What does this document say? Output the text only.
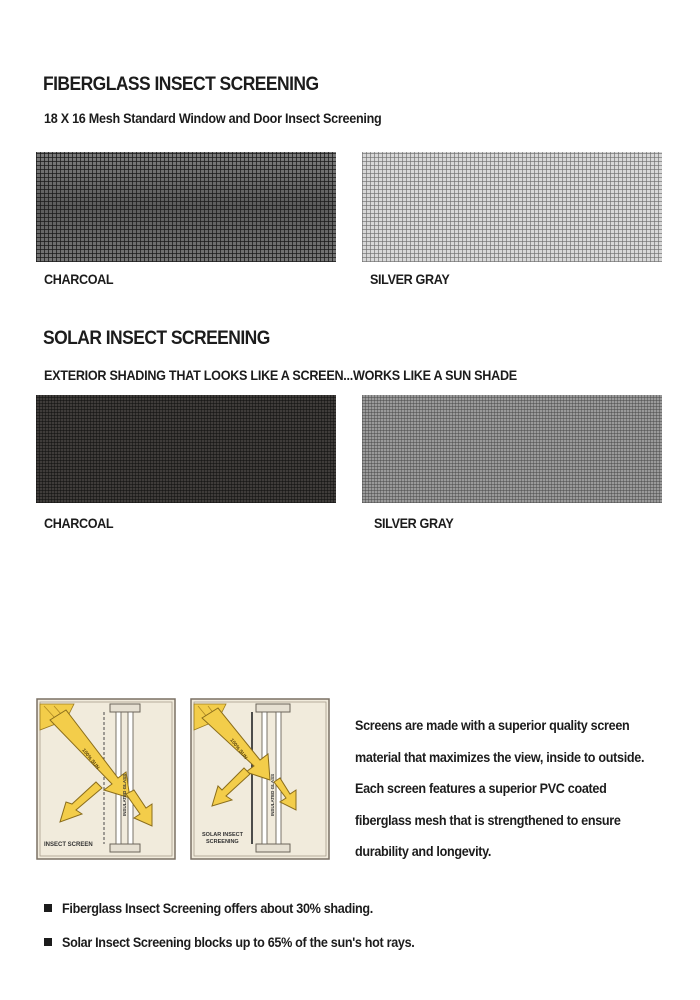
FIBERGLASS INSECT SCREENING
18 X 16 Mesh Standard Window and Door Insect Screening
CHARCOAL	SILVER GRAY
SOLAR INSECT SCREENING
EXTERIOR SHADING THAT LOOKS LIKE A SCREEN...WORKS LIKE A SUN SHADE
CHARCOAL	SILVER GRAY
100% SUN
INSULATED GLASS
INSECT SCREEN
100% SUN
INSULATED GLASS
SOLAR INSECT
SCREENING
Screens are made with a superior quality screen
material that maximizes the view, inside to outside.
Each screen features a superior PVC coated
fiberglass mesh that is strengthened to ensure
durability and longevity.
Fiberglass Insect Screening offers about 30% shading.
Solar Insect Screening blocks up to 65% of the sun's hot rays.
